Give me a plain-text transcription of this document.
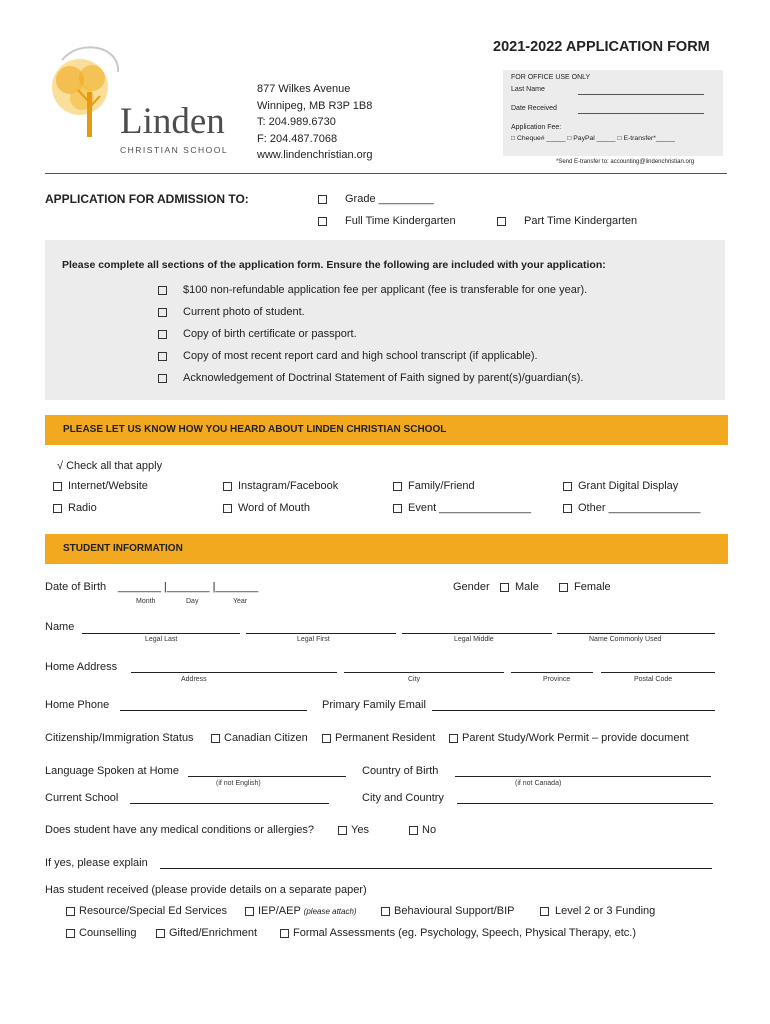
2021-2022 APPLICATION FORM
Linden
CHRISTIAN SCHOOL
877 Wilkes Avenue
Winnipeg, MB R3P 1B8
T: 204.989.6730
F: 204.487.7068
www.lindenchristian.org
FOR OFFICE USE ONLY
Last Name
Date Received
Application Fee:
□ Cheque# _____ □ PayPal _____ □ E-transfer*_____
*Send E-transfer to: accounting@lindenchristian.org
APPLICATION FOR ADMISSION TO:	Grade _________
Full Time Kindergarten	Part Time Kindergarten
Please complete all sections of the application form. Ensure the following are included with your application:
$100 non-refundable application fee per applicant (fee is transferable for one year).
Current photo of student.
Copy of birth certificate or passport.
Copy of most recent report card and high school transcript (if applicable).
Acknowledgement of Doctrinal Statement of Faith signed by parent(s)/guardian(s).
PLEASE LET US KNOW HOW YOU HEARD ABOUT LINDEN CHRISTIAN SCHOOL
√ Check all that apply
Internet/Website	Instagram/Facebook	Family/Friend	Grant Digital Display
Radio	Word of Mouth	Event _______________	Other _______________
STUDENT INFORMATION
Date of Birth _______ |_______ |_______
Month	Day	Year
Gender	Male	Female
Name
Legal Last	Legal First	Legal Middle	Name Commonly Used
Home Address
Address	City	Province	Postal Code
Home Phone	Primary Family Email
Citizenship/Immigration Status	Canadian Citizen	Permanent Resident	Parent Study/Work Permit – provide document
Language Spoken at Home
(if not English)
Country of Birth
(if not Canada)
Current School	City and Country
Does student have any medical conditions or allergies?	Yes	No
If yes, please explain
Has student received (please provide details on a separate paper)
Resource/Special Ed Services	IEP/AEP (please attach)	Behavioural Support/BIP	Level 2 or 3 Funding
Counselling	Gifted/Enrichment	Formal Assessments (eg. Psychology, Speech, Physical Therapy, etc.)
